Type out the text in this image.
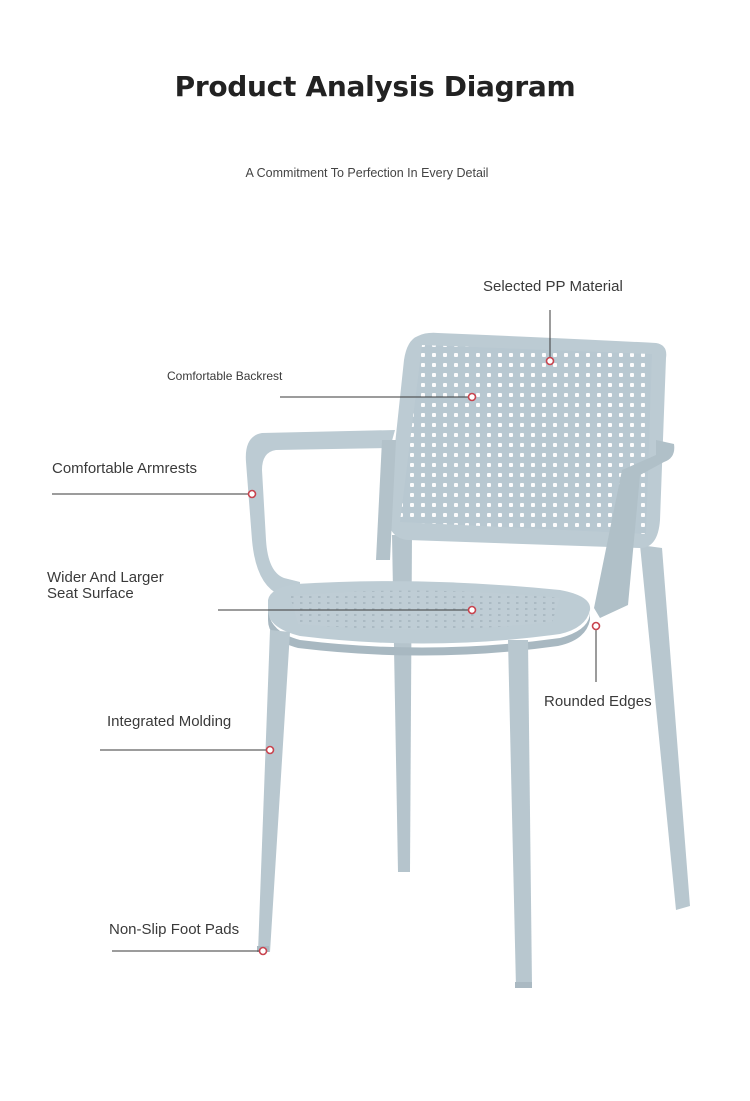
Product Analysis Diagram
A Commitment To Perfection In Every Detail
Selected PP Material
Comfortable Backrest
Comfortable Armrests
Wider And Larger
Seat Surface
Rounded Edges
Integrated Molding
Non-Slip Foot Pads
